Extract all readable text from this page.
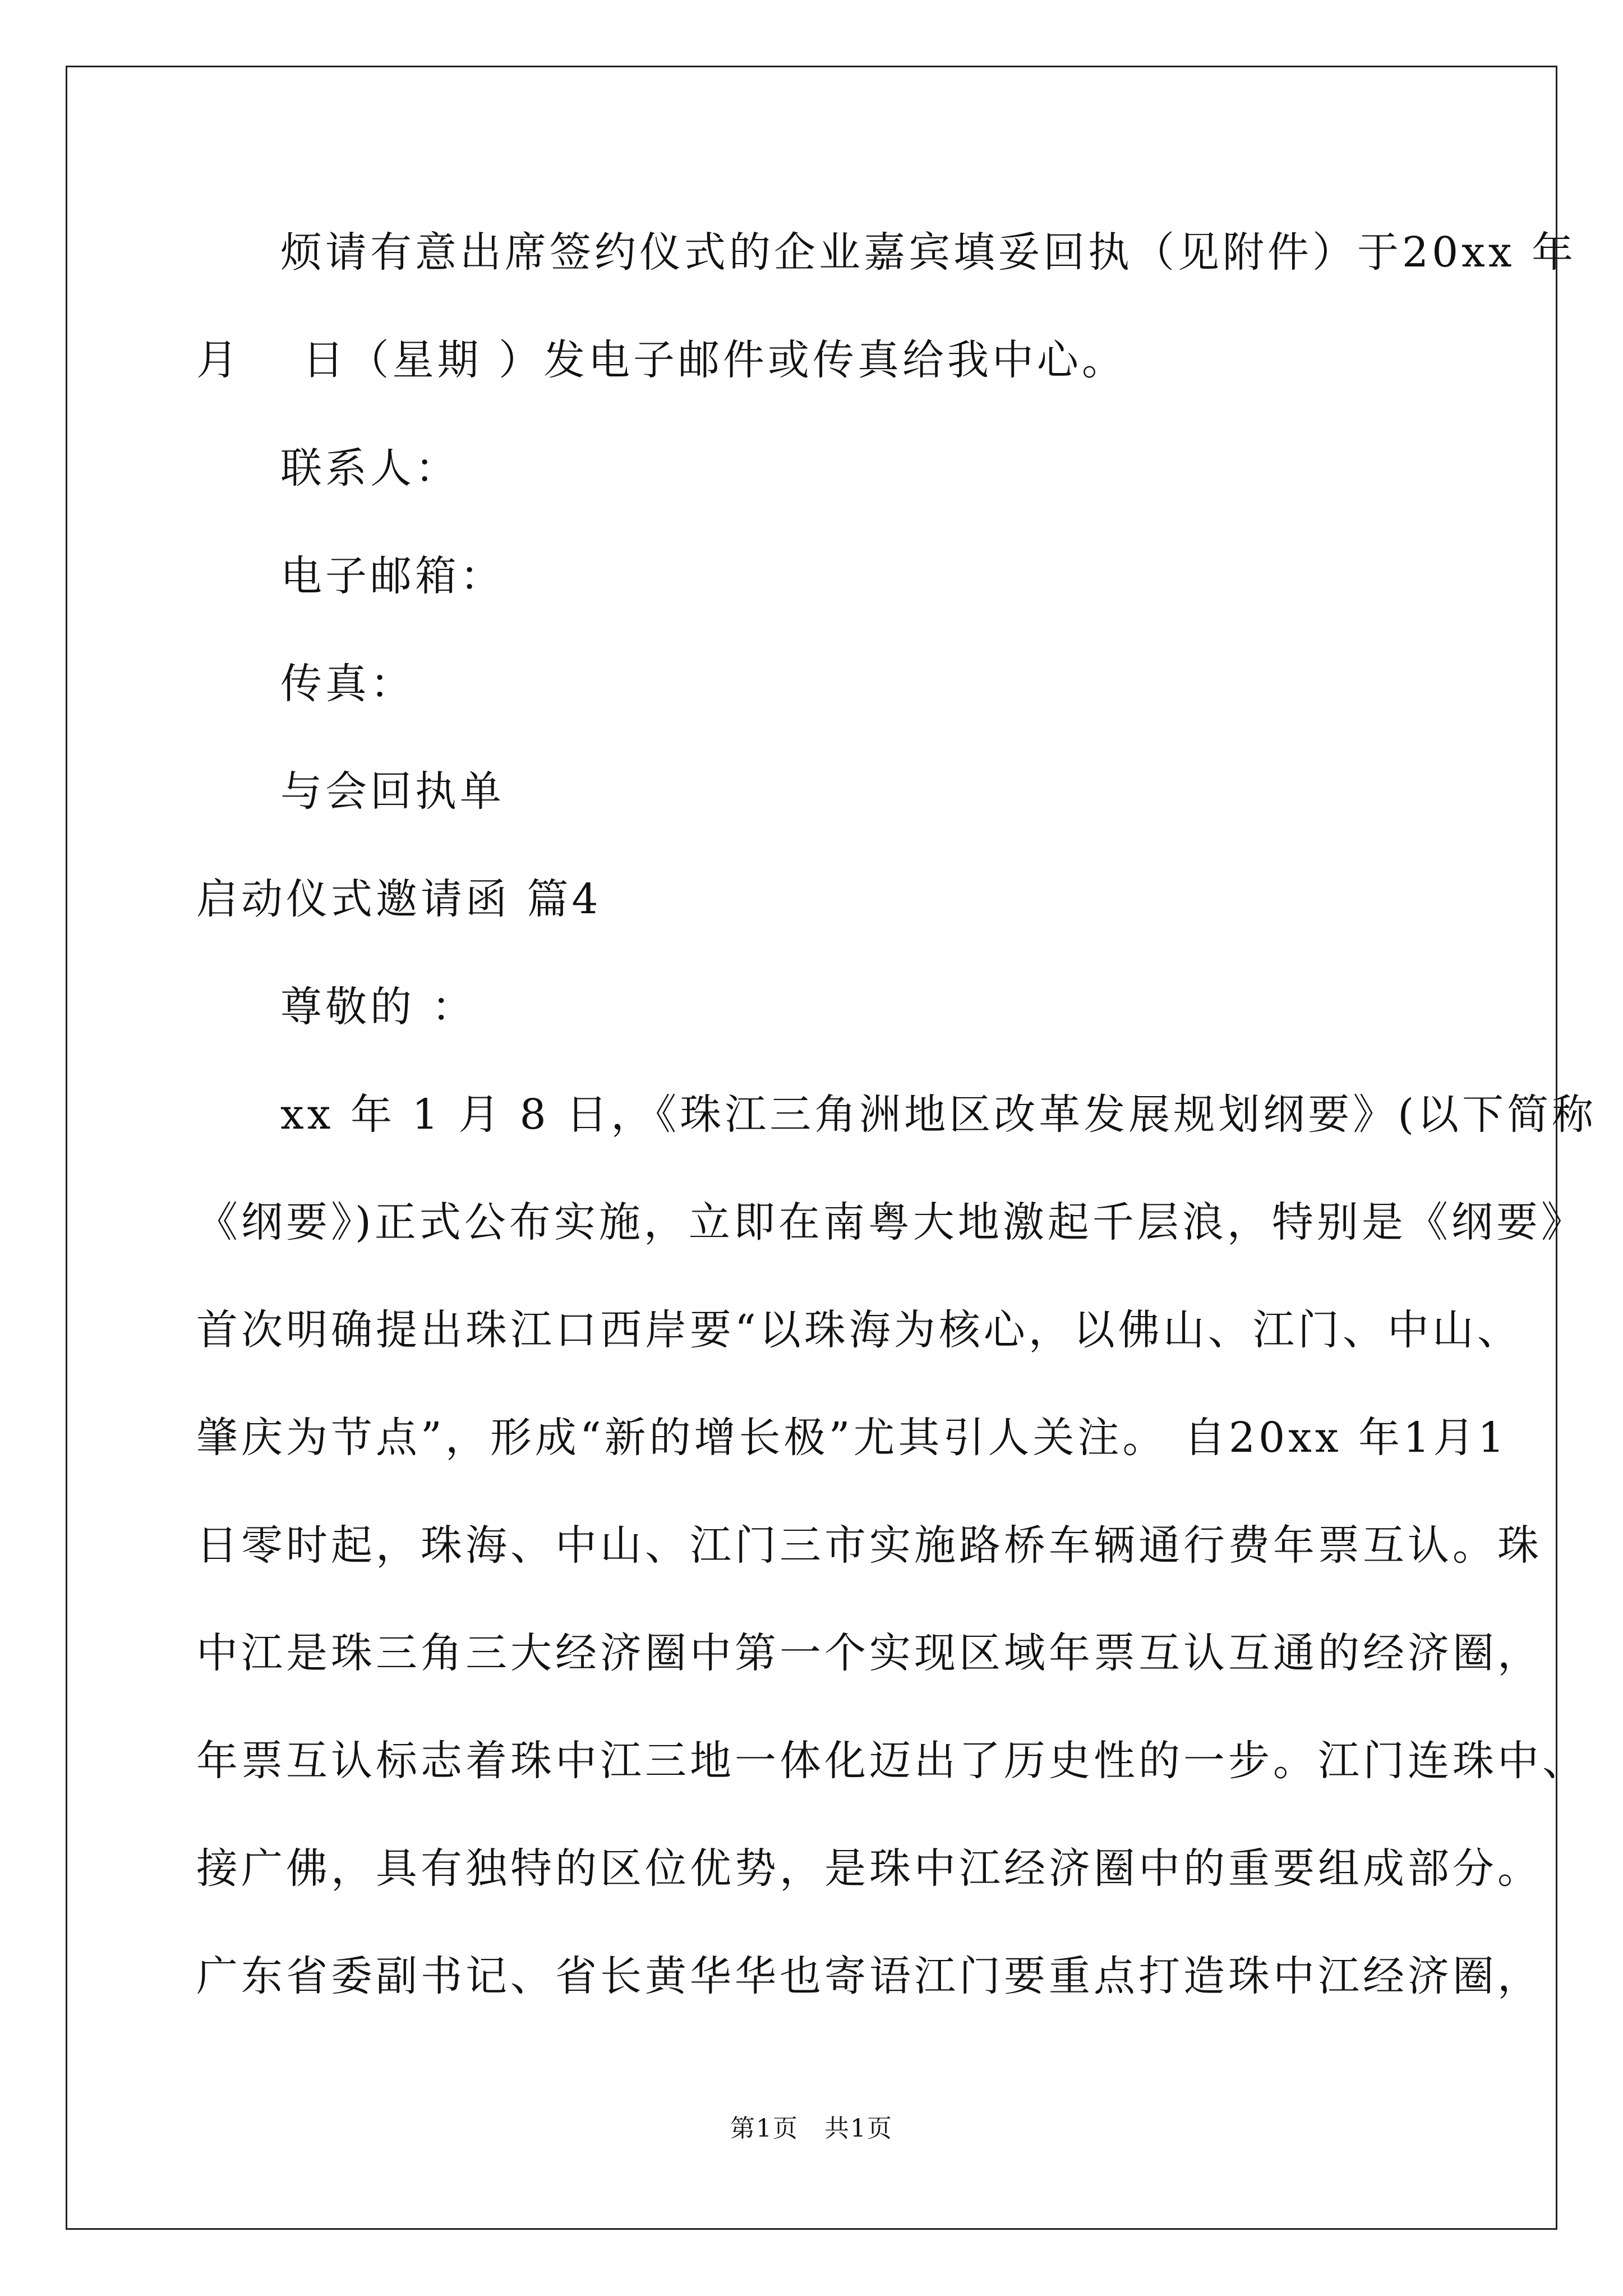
烦请有意出席签约仪式的企业嘉宾填妥回执（见附件）于20xx 年
月　 日（星期 ）发电子邮件或传真给我中心。
联系人：
电子邮箱：
传真：
与会回执单
启动仪式邀请函 篇4
尊敬的 ：
xx 年 1 月 8 日，《珠江三角洲地区改革发展规划纲要》(以下简称
《纲要》)正式公布实施，立即在南粤大地激起千层浪，特别是《纲要》
首次明确提出珠江口西岸要“以珠海为核心，以佛山、江门、中山、
肇庆为节点”，形成“新的增长极”尤其引人关注。 自20xx 年1月1
日零时起，珠海、中山、江门三市实施路桥车辆通行费年票互认。珠
中江是珠三角三大经济圈中第一个实现区域年票互认互通的经济圈，
年票互认标志着珠中江三地一体化迈出了历史性的一步。江门连珠中、
接广佛，具有独特的区位优势，是珠中江经济圈中的重要组成部分。
广东省委副书记、省长黄华华也寄语江门要重点打造珠中江经济圈，
第1页　共1页
